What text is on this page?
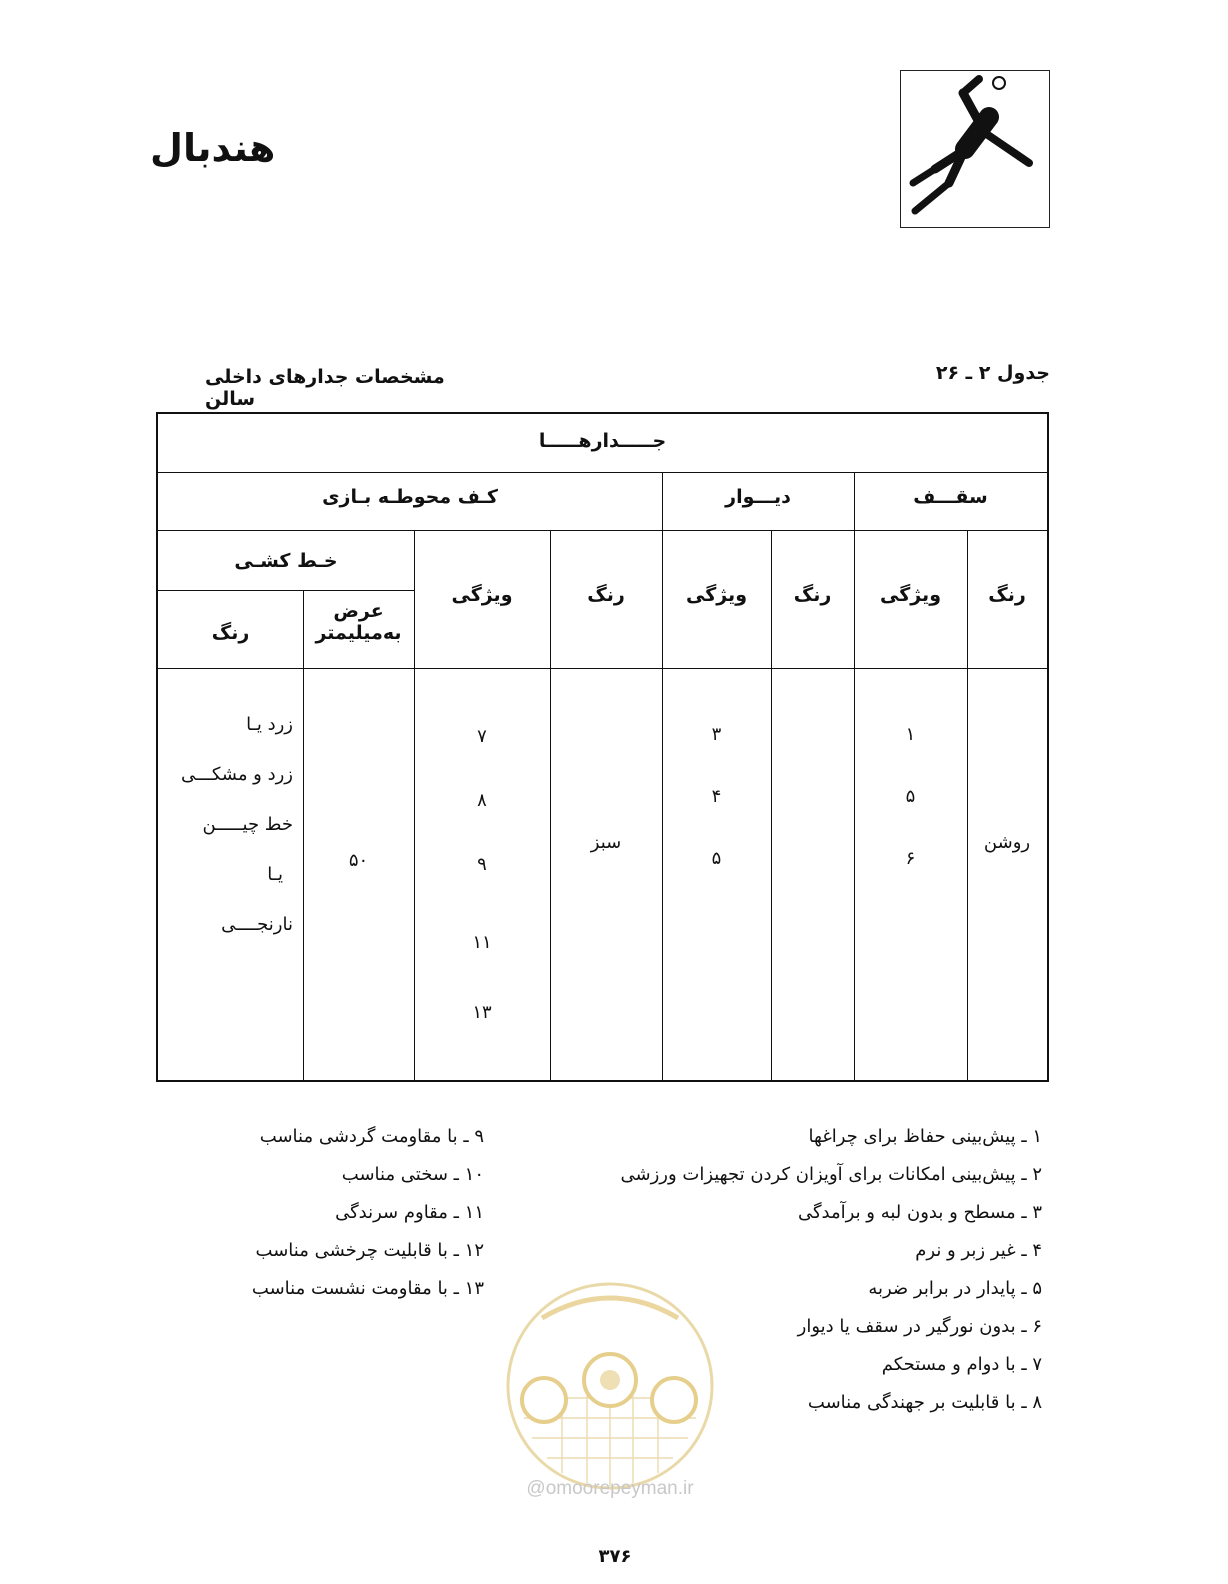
هندبال
جدول ۲ ـ ۲۶
مشخصات جدارهای داخلی سالن
جـــــدارهـــــا
سقـــف
ديـــوار
كـف محوطـه بـازى
رنگ
ويژگى
رنگ
ويژگى
رنگ
ويژگى
خـط كشـى
عرض
بەميليمتر
رنگ
روشن
۱
۵
۶
۳
۴
۵
سبز
۷
۸
۹
۱۱
۱۳
۵۰
زرد يـا
زرد و مشكـــى
خط چيـــــن
يـا
نارنجــــى
۱ ـ پيش‌بينى حفاظ براى چراغها
۲ ـ پيش‌بينى امكانات براى آويزان كردن تجهيزات ورزشى
۳ ـ مسطح و بدون لبه و برآمدگى
۴ ـ غير زبر و نرم
۵ ـ پايدار در برابر ضربه
۶ ـ بدون نورگير در سقف يا ديوار
۷ ـ با دوام و مستحكم
۸ ـ با قابليت بر جهندگى مناسب
۹ ـ با مقاومت گردشى مناسب
۱۰ ـ سختى مناسب
۱۱ ـ مقاوم سرندگى
۱۲ ـ با قابليت چرخشى مناسب
۱۳ ـ با مقاومت نشست مناسب
@omoorepeyman.ir
۳۷۶
